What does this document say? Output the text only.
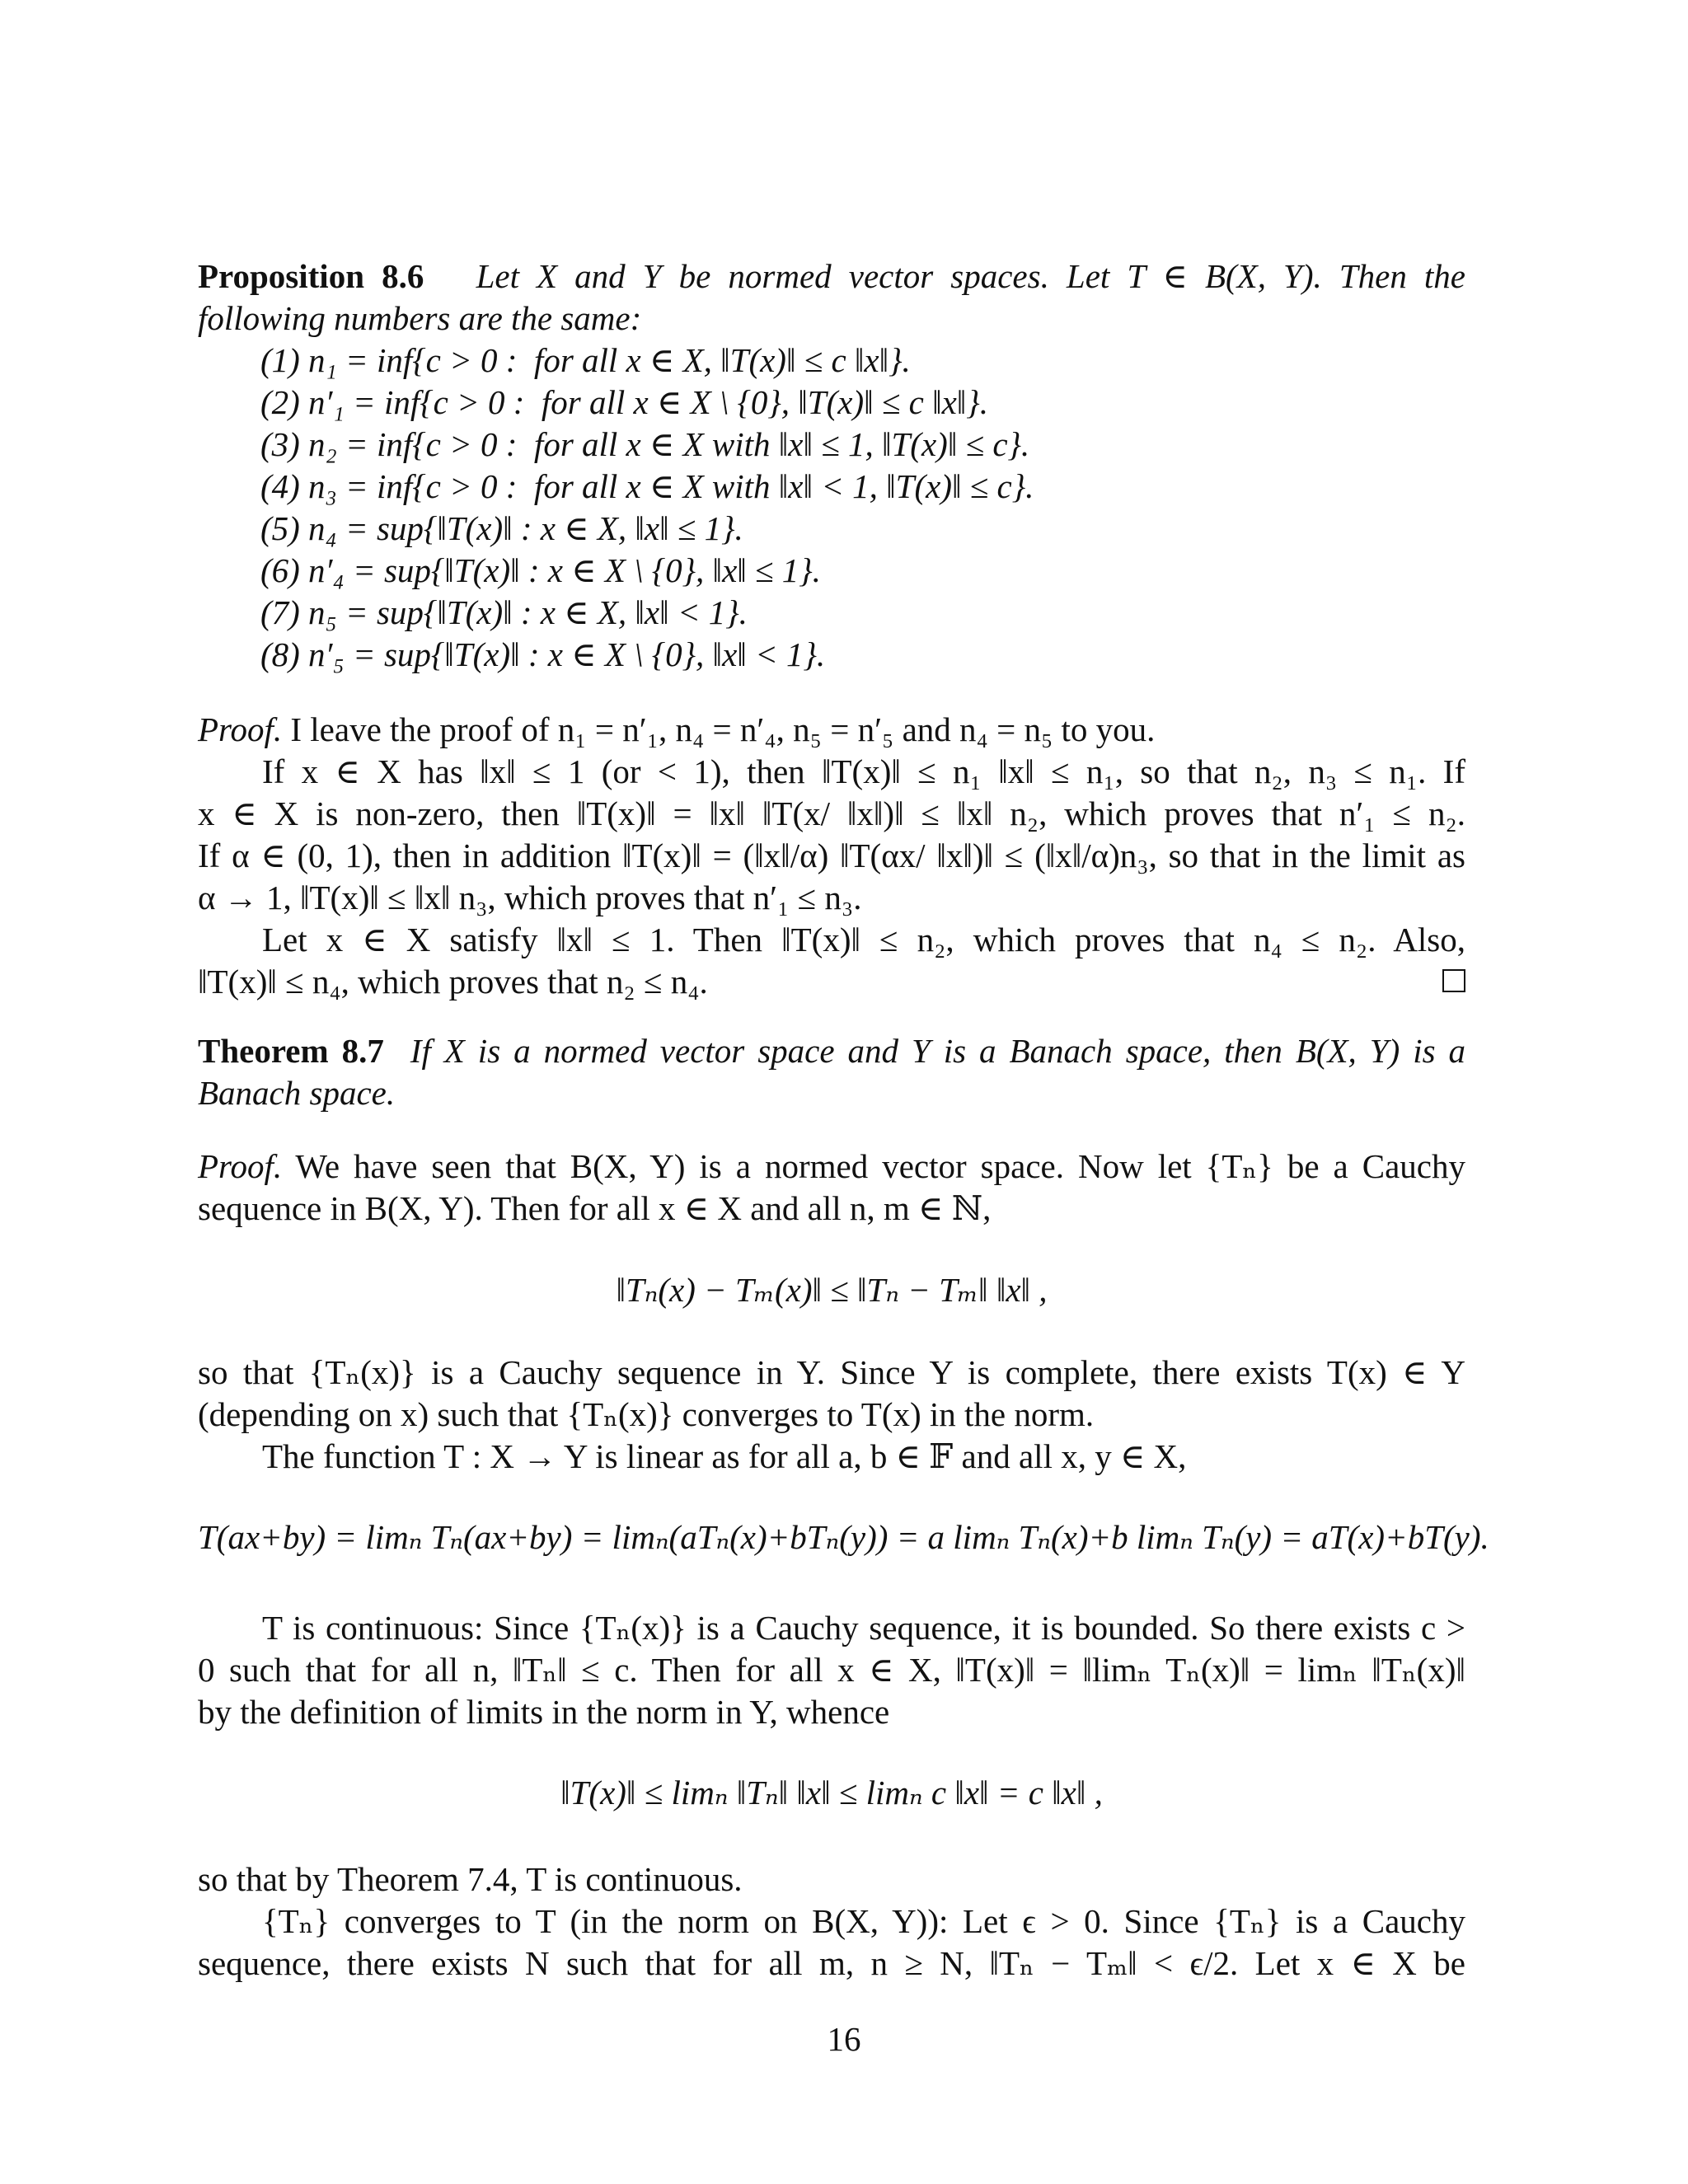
Proposition 8.6 Let X and Y be normed vector spaces. Let T ∈ B(X, Y). Then the
following numbers are the same:
(1) n₁ = inf{c > 0 :  for all x ∈ X, ‖T(x)‖ ≤ c ‖x‖}.
(2) n′₁ = inf{c > 0 :  for all x ∈ X \ {0}, ‖T(x)‖ ≤ c ‖x‖}.
(3) n₂ = inf{c > 0 :  for all x ∈ X with ‖x‖ ≤ 1, ‖T(x)‖ ≤ c}.
(4) n₃ = inf{c > 0 :  for all x ∈ X with ‖x‖ < 1, ‖T(x)‖ ≤ c}.
(5) n₄ = sup{‖T(x)‖ : x ∈ X, ‖x‖ ≤ 1}.
(6) n′₄ = sup{‖T(x)‖ : x ∈ X \ {0}, ‖x‖ ≤ 1}.
(7) n₅ = sup{‖T(x)‖ : x ∈ X, ‖x‖ < 1}.
(8) n′₅ = sup{‖T(x)‖ : x ∈ X \ {0}, ‖x‖ < 1}.
Proof. I leave the proof of n₁ = n′₁, n₄ = n′₄, n₅ = n′₅ and n₄ = n₅ to you.
If x ∈ X has ‖x‖ ≤ 1 (or < 1), then ‖T(x)‖ ≤ n₁ ‖x‖ ≤ n₁, so that n₂, n₃ ≤ n₁. If
x ∈ X is non-zero, then ‖T(x)‖ = ‖x‖ ‖T(x/ ‖x‖)‖ ≤ ‖x‖ n₂, which proves that n′₁ ≤ n₂.
If α ∈ (0, 1), then in addition ‖T(x)‖ = (‖x‖/α) ‖T(αx/ ‖x‖)‖ ≤ (‖x‖/α)n₃, so that in the limit as
α → 1, ‖T(x)‖ ≤ ‖x‖ n₃, which proves that n′₁ ≤ n₃.
Let x ∈ X satisfy ‖x‖ ≤ 1. Then ‖T(x)‖ ≤ n₂, which proves that n₄ ≤ n₂. Also,
‖T(x)‖ ≤ n₄, which proves that n₂ ≤ n₄.
Theorem 8.7 If X is a normed vector space and Y is a Banach space, then B(X, Y) is a
Banach space.
Proof. We have seen that B(X, Y) is a normed vector space. Now let {Tₙ} be a Cauchy
sequence in B(X, Y). Then for all x ∈ X and all n, m ∈ ℕ,
‖Tₙ(x) − Tₘ(x)‖ ≤ ‖Tₙ − Tₘ‖ ‖x‖ ,
so that {Tₙ(x)} is a Cauchy sequence in Y. Since Y is complete, there exists T(x) ∈ Y
(depending on x) such that {Tₙ(x)} converges to T(x) in the norm.
The function T : X → Y is linear as for all a, b ∈ 𝔽 and all x, y ∈ X,
T(ax+by) = limₙ Tₙ(ax+by) = limₙ(aTₙ(x)+bTₙ(y)) = a limₙ Tₙ(x)+b limₙ Tₙ(y) = aT(x)+bT(y).
T is continuous: Since {Tₙ(x)} is a Cauchy sequence, it is bounded. So there exists c >
0 such that for all n, ‖Tₙ‖ ≤ c. Then for all x ∈ X, ‖T(x)‖ = ‖limₙ Tₙ(x)‖ = limₙ ‖Tₙ(x)‖
by the definition of limits in the norm in Y, whence
‖T(x)‖ ≤ limₙ ‖Tₙ‖ ‖x‖ ≤ limₙ c ‖x‖ = c ‖x‖ ,
so that by Theorem 7.4, T is continuous.
{Tₙ} converges to T (in the norm on B(X, Y)): Let ϵ > 0. Since {Tₙ} is a Cauchy
sequence, there exists N such that for all m, n ≥ N, ‖Tₙ − Tₘ‖ < ϵ/2. Let x ∈ X be
16
